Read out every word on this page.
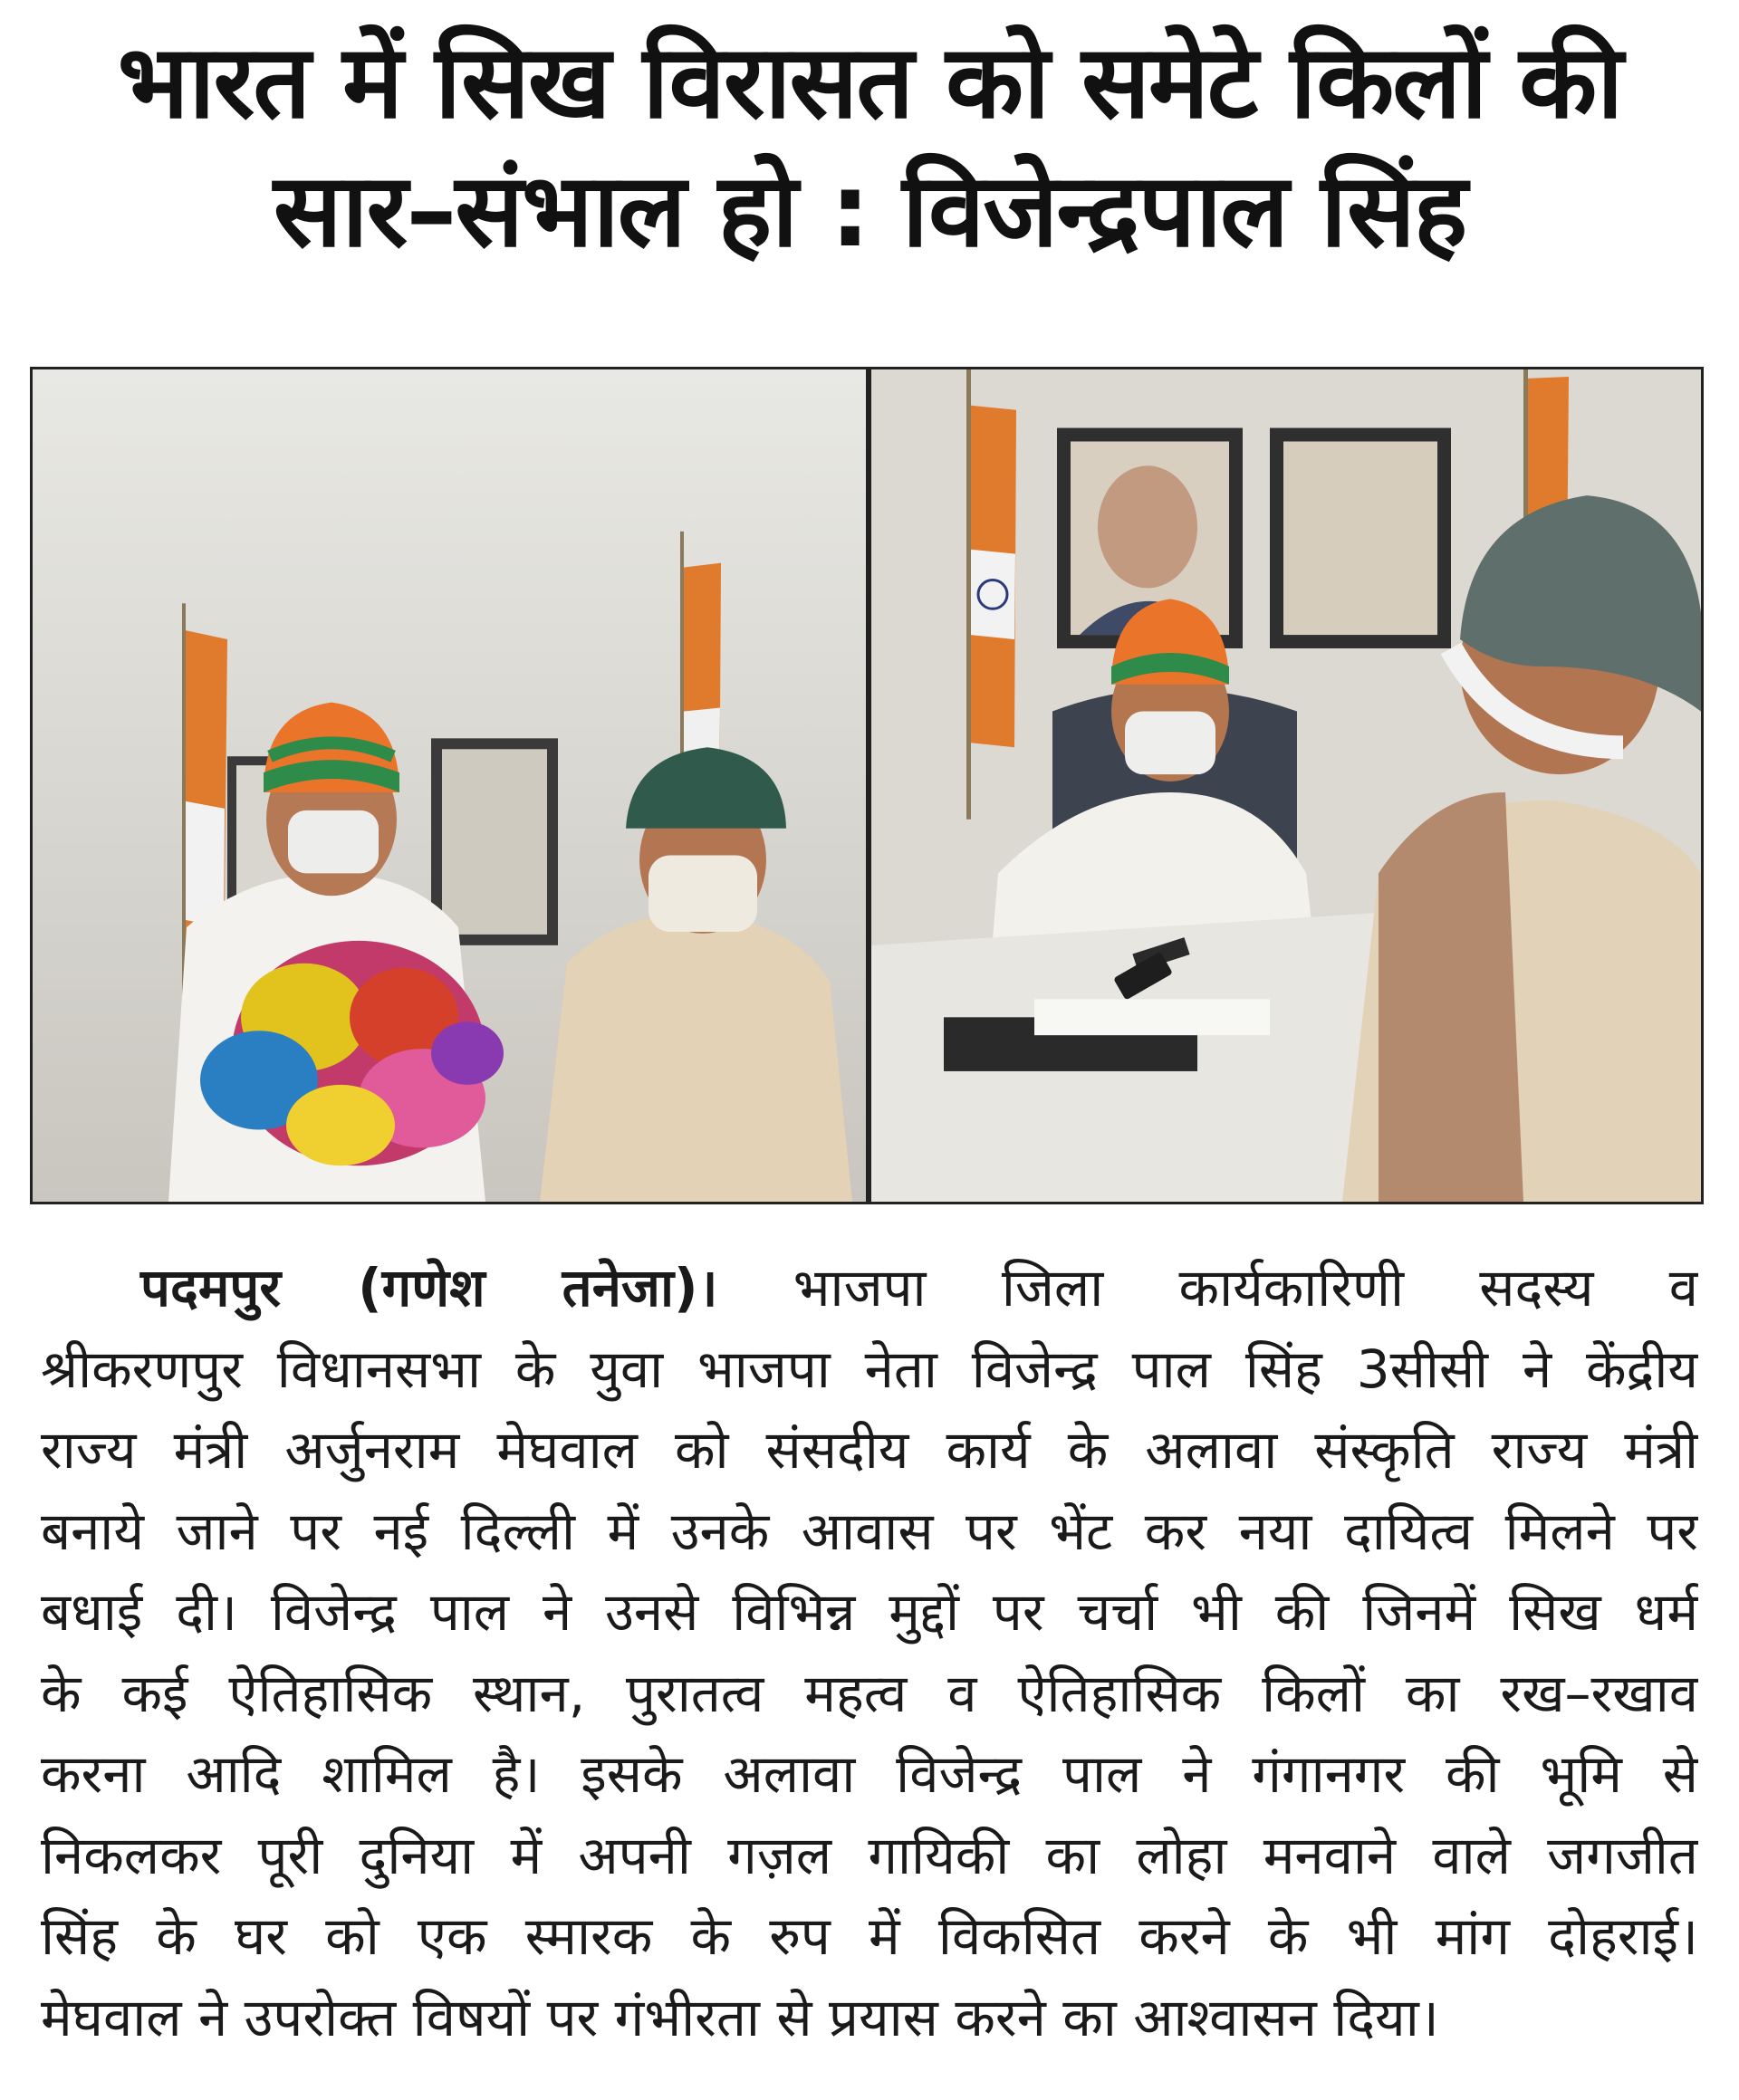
भारत में सिख विरासत को समेटे किलों की
सार–संभाल हो : विजेन्द्रपाल सिंह
पदमपुर (गणेश तनेजा)। भाजपा जिला कार्यकारिणी सदस्य व
श्रीकरणपुर विधानसभा के युवा भाजपा नेता विजेन्द्र पाल सिंह 3सीसी ने केंद्रीय
राज्य मंत्री अर्जुनराम मेघवाल को संसदीय कार्य के अलावा संस्कृति राज्य मंत्री
बनाये जाने पर नई दिल्ली में उनके आवास पर भेंट कर नया दायित्व मिलने पर
बधाई दी। विजेन्द्र पाल ने उनसे विभिन्न मुद्दों पर चर्चा भी की जिनमें सिख धर्म
के कई ऐतिहासिक स्थान, पुरातत्व महत्व व ऐतिहासिक किलों का रख–रखाव
करना आदि शामिल है। इसके अलावा विजेन्द्र पाल ने गंगानगर की भूमि से
निकलकर पूरी दुनिया में अपनी गज़ल गायिकी का लोहा मनवाने वाले जगजीत
सिंह के घर को एक स्मारक के रुप में विकसित करने के भी मांग दोहराई।
मेघवाल ने उपरोक्त विषयों पर गंभीरता से प्रयास करने का आश्वासन दिया।
